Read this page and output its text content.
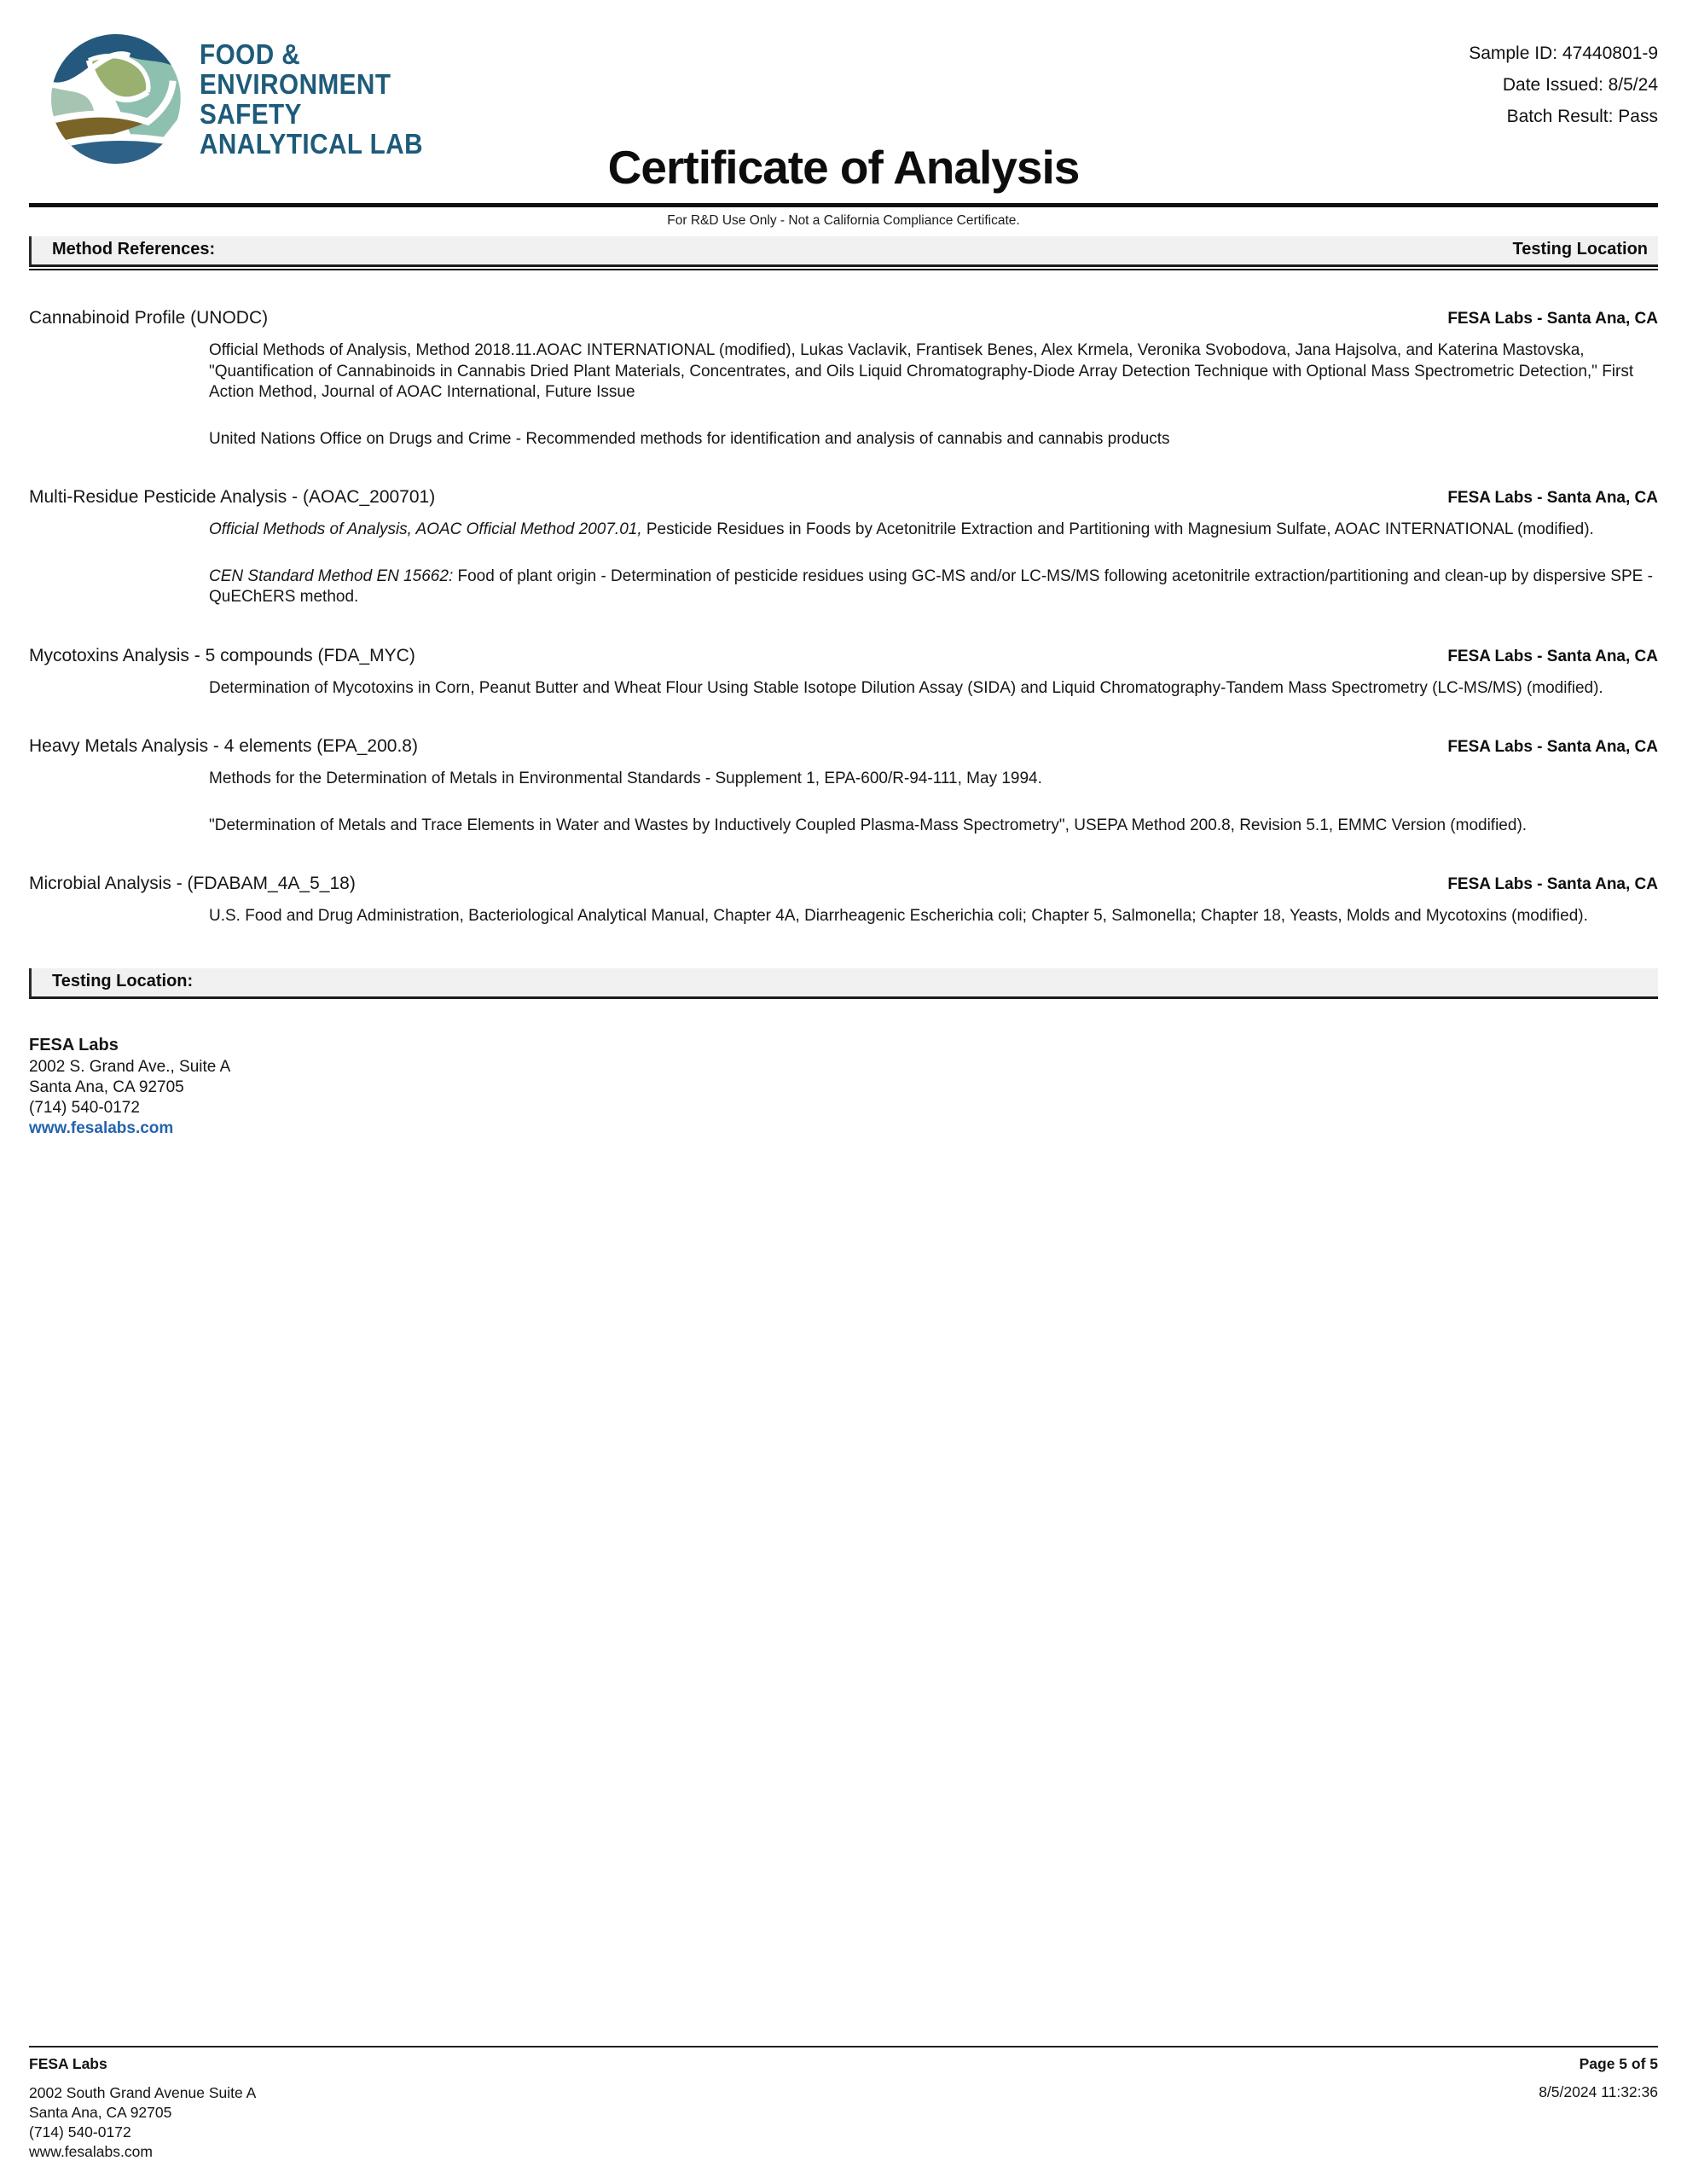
FOOD &
ENVIRONMENT
SAFETY
ANALYTICAL LAB
Sample ID: 47440801-9
Date Issued: 8/5/24
Batch Result: Pass
Certificate of Analysis
For R&D Use Only - Not a California Compliance Certificate.
Method References:	Testing Location
Cannabinoid Profile (UNODC)	FESA Labs - Santa Ana, CA

Official Methods of Analysis, Method 2018.11.AOAC INTERNATIONAL (modified), Lukas Vaclavik, Frantisek Benes, Alex Krmela, Veronika Svobodova, Jana Hajsolva, and Katerina Mastovska, "Quantification of Cannabinoids in Cannabis Dried Plant Materials, Concentrates, and Oils Liquid Chromatography-Diode Array Detection Technique with Optional Mass Spectrometric Detection," First Action Method, Journal of AOAC International, Future Issue

United Nations Office on Drugs and Crime - Recommended methods for identification and analysis of cannabis and cannabis products

Multi-Residue Pesticide Analysis - (AOAC_200701)	FESA Labs - Santa Ana, CA

Official Methods of Analysis, AOAC Official Method 2007.01, Pesticide Residues in Foods by Acetonitrile Extraction and Partitioning with Magnesium Sulfate, AOAC INTERNATIONAL (modified).

CEN Standard Method EN 15662: Food of plant origin - Determination of pesticide residues using GC-MS and/or LC-MS/MS following acetonitrile extraction/partitioning and clean-up by dispersive SPE - QuEChERS method.

Mycotoxins Analysis - 5 compounds (FDA_MYC)	FESA Labs - Santa Ana, CA

Determination of Mycotoxins in Corn, Peanut Butter and Wheat Flour Using Stable Isotope Dilution Assay (SIDA) and Liquid Chromatography-Tandem Mass Spectrometry (LC-MS/MS) (modified).

Heavy Metals Analysis - 4 elements (EPA_200.8)	FESA Labs - Santa Ana, CA

Methods for the Determination of Metals in Environmental Standards - Supplement 1, EPA-600/R-94-111, May 1994.

"Determination of Metals and Trace Elements in Water and Wastes by Inductively Coupled Plasma-Mass Spectrometry", USEPA Method 200.8, Revision 5.1, EMMC Version (modified).

Microbial Analysis - (FDABAM_4A_5_18)	FESA Labs - Santa Ana, CA

U.S. Food and Drug Administration, Bacteriological Analytical Manual, Chapter 4A, Diarrheagenic Escherichia coli; Chapter 5, Salmonella; Chapter 18, Yeasts, Molds and Mycotoxins (modified).

Testing Location:
FESA Labs
2002 S. Grand Ave., Suite A
Santa Ana, CA 92705
(714) 540-0172
www.fesalabs.com
FESA Labs	Page 5 of 5
2002 South Grand Avenue Suite A
Santa Ana, CA 92705
(714) 540-0172
www.fesalabs.com
8/5/2024 11:32:36
